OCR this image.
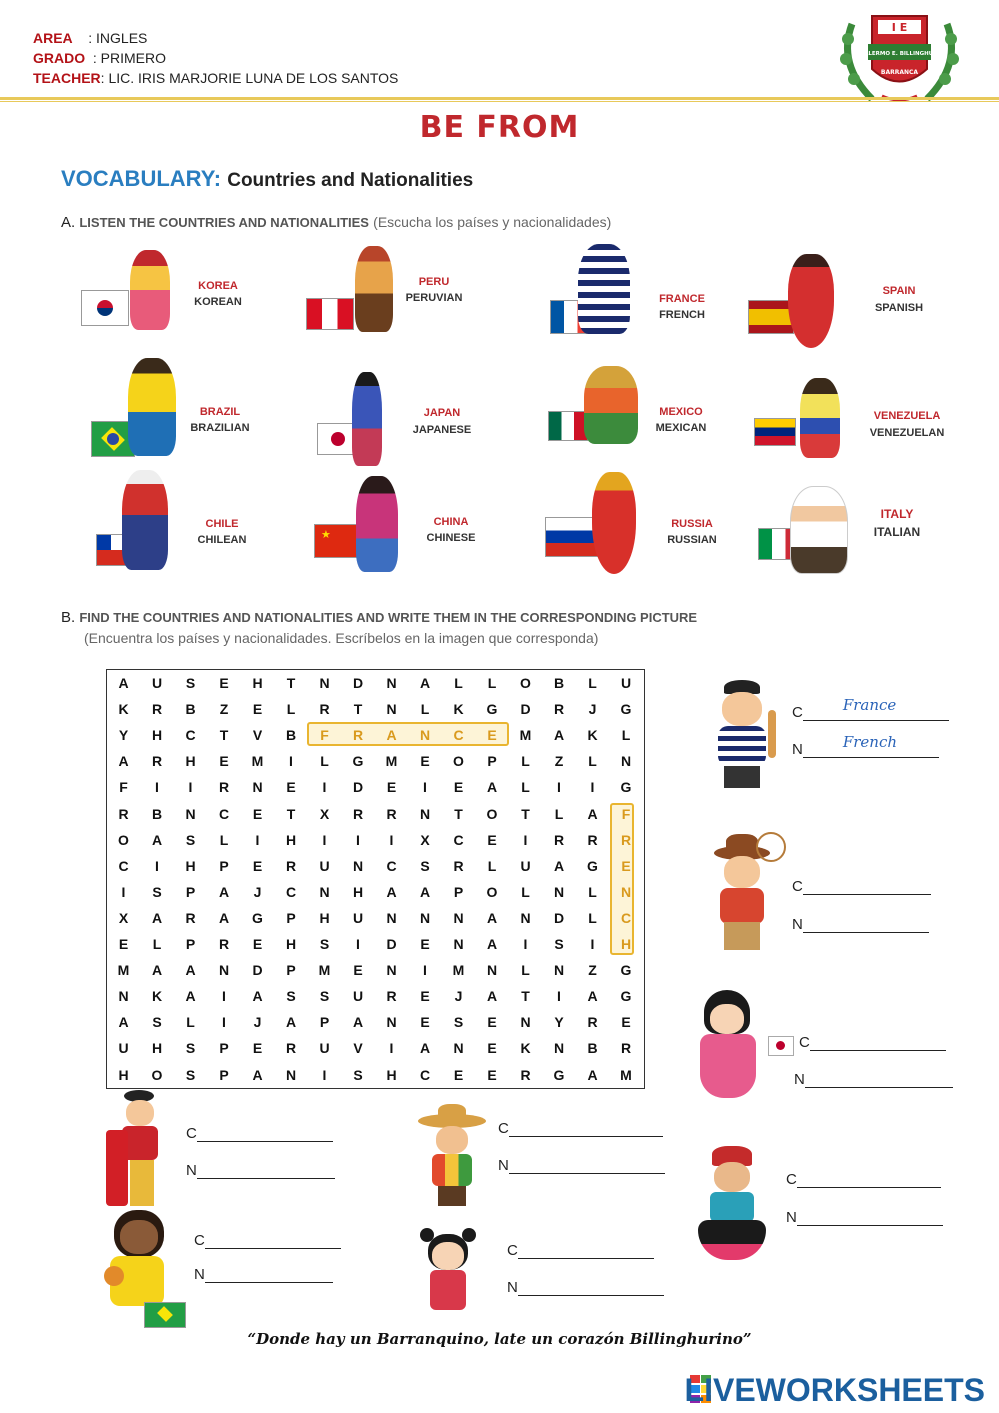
AREA : INGLES
GRADO : PRIMERO
TEACHER: LIC. IRIS MARJORIE LUNA DE LOS SANTOS
I E
GUILLERMO E. BILLINGHURST
BARRANCA
BE FROM
VOCABULARY: Countries and Nationalities
A. LISTEN THE COUNTRIES AND NATIONALITIES (Escucha los países y nacionalidades)
KOREA
KOREAN
PERU
PERUVIAN	FRANCE
FRENCH
SPAIN
SPANISH
BRAZIL
BRAZILIAN
JAPAN
JAPANESE
MEXICO
MEXICAN
VENEZUELA
VENEZUELAN
CHILE
CHILEAN	★
CHINA
CHINESE
RUSSIA
RUSSIAN
ITALY
ITALIAN
B. FIND THE COUNTRIES AND NATIONALITIES AND WRITE THEM IN THE CORRESPONDING PICTURE
(Encuentra los países y nacionalidades. Escríbelos en la imagen que corresponda)
A	U	S	E	H	T	N	D	N	A	L	L	O	B	L	U
K	R	B	Z	E	L	R	T	N	L	K	G	D	R	J	G
Y	H	C	T	V	B	F	R	A	N	C	E	M	A	K	L
A	R	H	E	M	I	L	G	M	E	O	P	L	Z	L	N
F	I	I	R	N	E	I	D	E	I	E	A	L	I	I	G
R	B	N	C	E	T	X	R	R	N	T	O	T	L	A	F
O	A	S	L	I	H	I	I	I	X	C	E	I	R	R	R
C	I	H	P	E	R	U	N	C	S	R	L	U	A	G	E
I	S	P	A	J	C	N	H	A	A	P	O	L	N	L	N
X	A	R	A	G	P	H	U	N	N	N	A	N	D	L	C
E	L	P	R	E	H	S	I	D	E	N	A	I	S	I	H
M	A	A	N	D	P	M	E	N	I	M	N	L	N	Z	G
N	K	A	I	A	S	S	U	R	E	J	A	T	I	A	G
A	S	L	I	J	A	P	A	N	E	S	E	N	Y	R	E
U	H	S	P	E	R	U	V	I	A	N	E	K	N	B	R
H	O	S	P	A	N	I	S	H	C	E	E	R	G	A	M
C	France
N	French
C
N
C
N
C
N
C
N
C
N
C
N
C
N
“Donde hay un Barranquino, late un corazón Billinghurino”
LIVEWORKSHEETS
